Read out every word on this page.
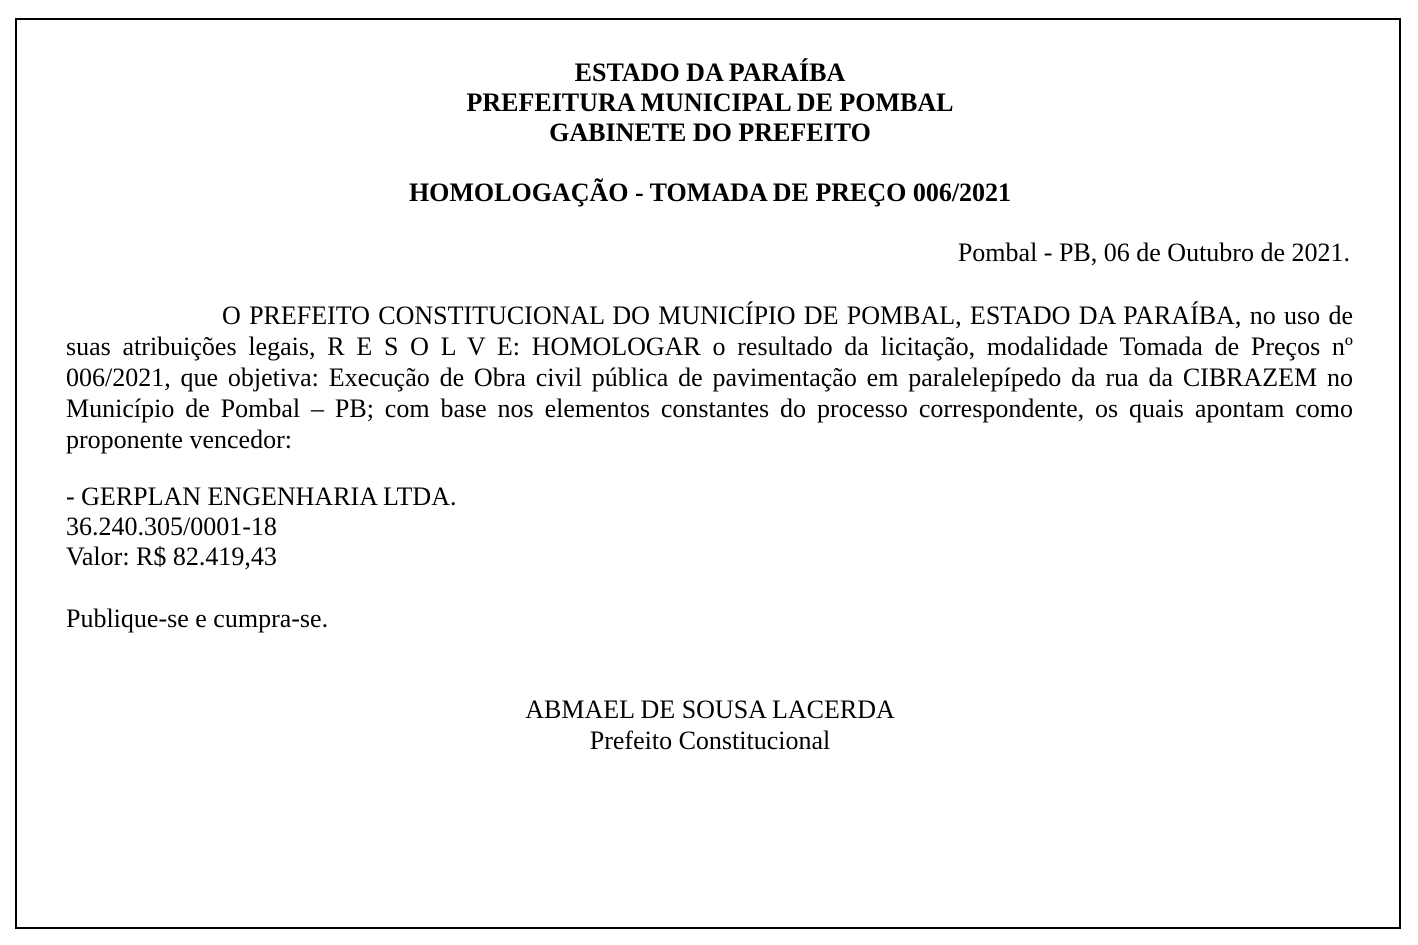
ESTADO DA PARAÍBA
PREFEITURA MUNICIPAL DE POMBAL
GABINETE DO PREFEITO
HOMOLOGAÇÃO - TOMADA DE PREÇO 006/2021
Pombal - PB, 06 de Outubro de 2021.
O PREFEITO CONSTITUCIONAL DO MUNICÍPIO DE POMBAL, ESTADO DA PARAÍBA, no uso de suas atribuições legais, R E S O L V E: HOMOLOGAR o resultado da licitação, modalidade Tomada de Preços nº 006/2021, que objetiva: Execução de Obra civil pública de pavimentação em paralelepípedo da rua da CIBRAZEM no Município de Pombal – PB; com base nos elementos constantes do processo correspondente, os quais apontam como proponente vencedor:
- GERPLAN ENGENHARIA LTDA.
36.240.305/0001-18
Valor: R$ 82.419,43
Publique-se e cumpra-se.
ABMAEL DE SOUSA LACERDA
Prefeito Constitucional
